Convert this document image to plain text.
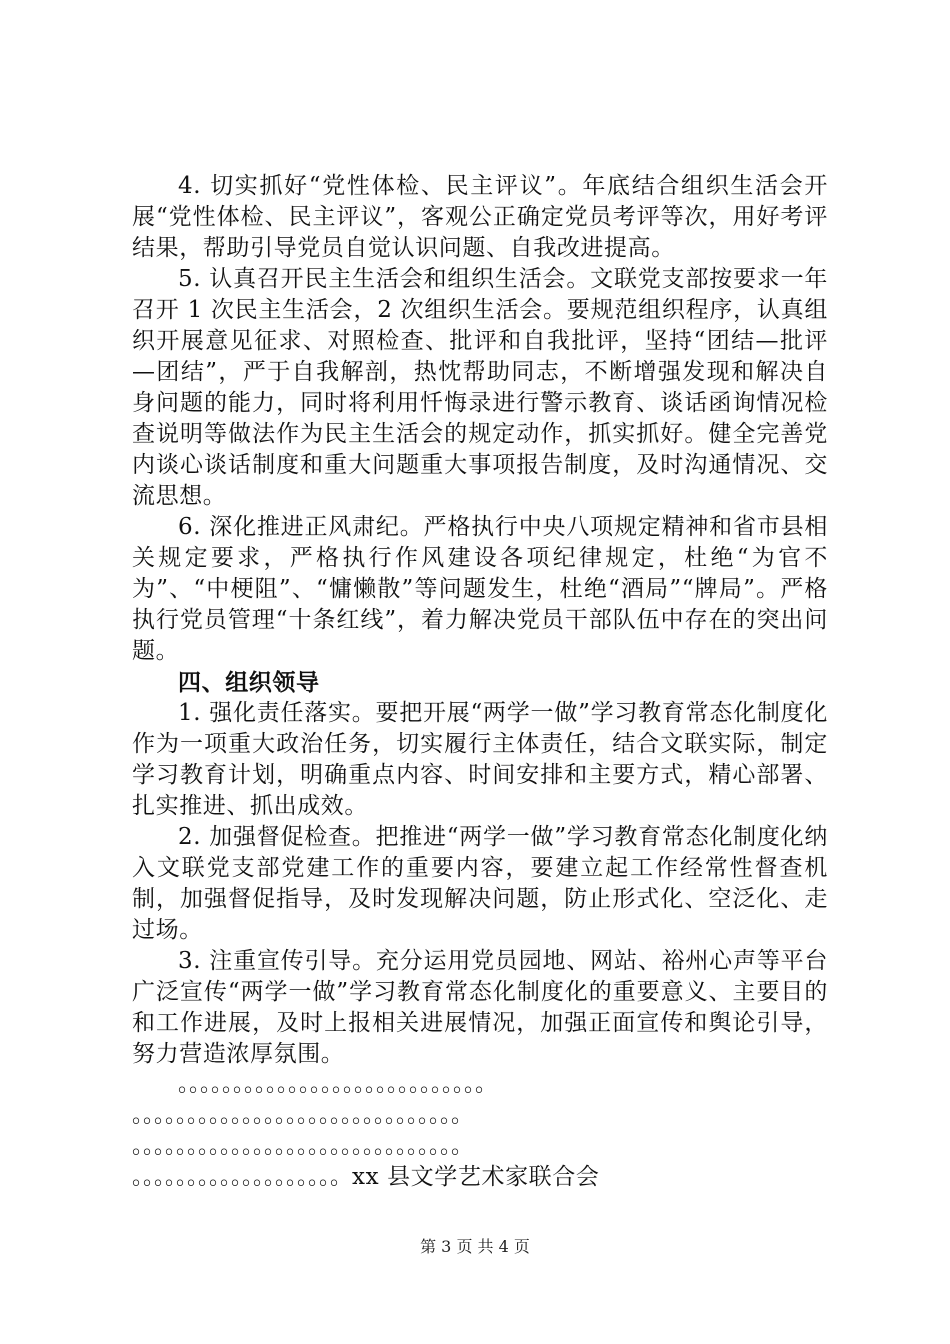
4. 切实抓好“党性体检、民主评议”。年底结合组织生活会开展“党性体检、民主评议”，客观公正确定党员考评等次，用好考评结果，帮助引导党员自觉认识问题、自我改进提高。

5. 认真召开民主生活会和组织生活会。文联党支部按要求一年召开 1 次民主生活会，2 次组织生活会。要规范组织程序，认真组织开展意见征求、对照检查、批评和自我批评，坚持“团结—批评—团结”，严于自我解剖，热忱帮助同志，不断增强发现和解决自身问题的能力，同时将利用忏悔录进行警示教育、谈话函询情况检查说明等做法作为民主生活会的规定动作，抓实抓好。健全完善党内谈心谈话制度和重大问题重大事项报告制度，及时沟通情况、交流思想。

6. 深化推进正风肃纪。严格执行中央八项规定精神和省市县相关规定要求，严格执行作风建设各项纪律规定，杜绝“为官不为”、“中梗阻”、“慵懒散”等问题发生，杜绝“酒局”“牌局”。严格执行党员管理“十条红线”，着力解决党员干部队伍中存在的突出问题。

四、组织领导

1. 强化责任落实。要把开展“两学一做”学习教育常态化制度化作为一项重大政治任务，切实履行主体责任，结合文联实际，制定学习教育计划，明确重点内容、时间安排和主要方式，精心部署、扎实推进、抓出成效。

2. 加强督促检查。把推进“两学一做”学习教育常态化制度化纳入文联党支部党建工作的重要内容，要建立起工作经常性督查机制，加强督促指导，及时发现解决问题，防止形式化、空泛化、走过场。

3. 注重宣传引导。充分运用党员园地、网站、裕州心声等平台广泛宣传“两学一做”学习教育常态化制度化的重要意义、主要目的和工作进展，及时上报相关进展情况，加强正面宣传和舆论引导，努力营造浓厚氛围。

。。。。。。。。。。。。。。。。。。。。。。。。。。。。
。。。。。。。。。。。。。。。。。。。。。。。。。。。。。。
。。。。。。。。。。。。。。。。。。。。。。。。。。。。。。
。。。。。。。。。。。。。。。。。。。xx 县文学艺术家联合会
第 3 页 共 4 页
